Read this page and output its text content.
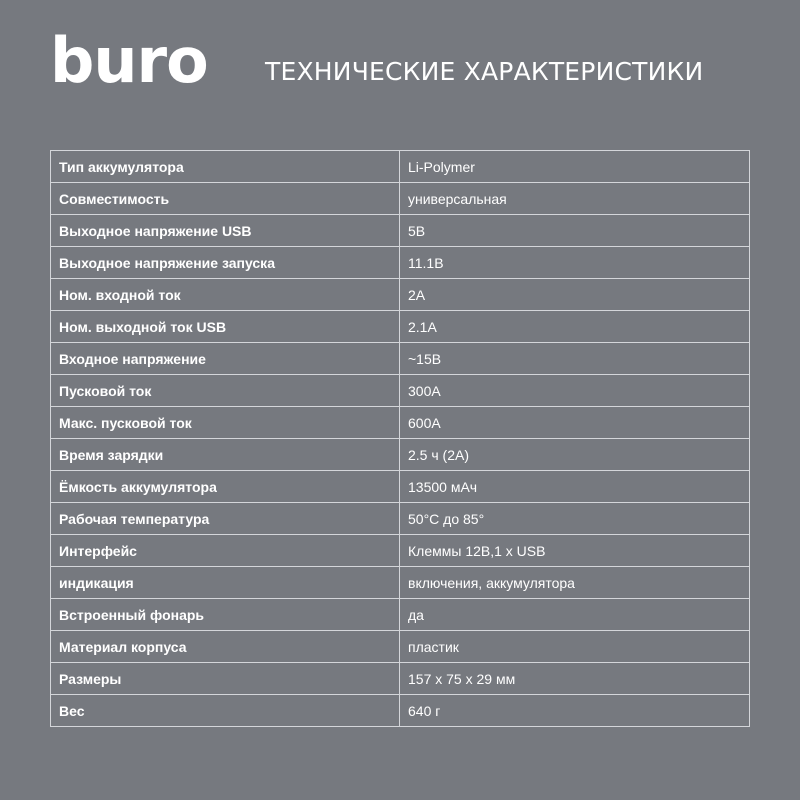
buro ТЕХНИЧЕСКИЕ ХАРАКТЕРИСТИКИ
Тип аккумулятора	Li-Polymer
Совместимость	универсальная
Выходное напряжение USB	5В
Выходное напряжение запуска	11.1В
Ном. входной ток	2А
Ном. выходной ток USB	2.1А
Входное напряжение	~15В
Пусковой ток	300А
Макс. пусковой ток	600А
Время зарядки	2.5 ч (2А)
Ёмкость аккумулятора	13500 мАч
Рабочая температура	50°C до 85°
Интерфейс	Клеммы 12В,1 x USB
индикация	включения, аккумулятора
Встроенный фонарь	да
Материал корпуса	пластик
Размеры	157 x 75 x 29 мм
Вес	640 г
